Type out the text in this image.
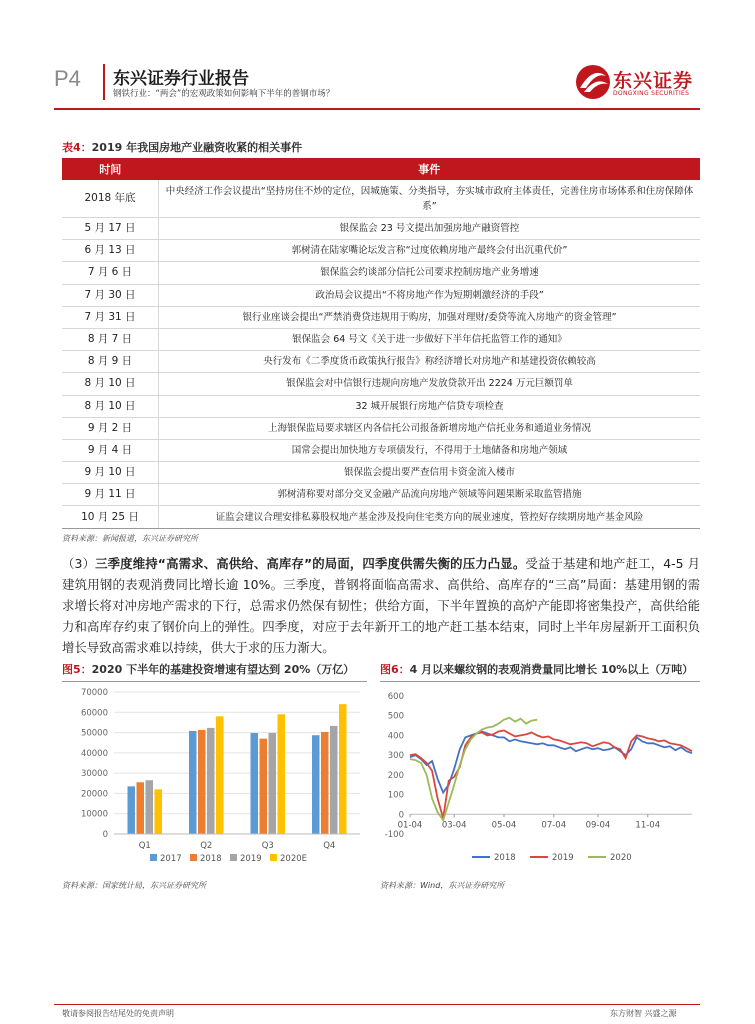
P4 东兴证券行业报告
钢铁行业：“两会”的宏观政策如何影响下半年的普钢市场？
东兴证券
DONGXING SECURITIES
表4：2019 年我国房地产业融资收紧的相关事件
时间	事件
2018 年底	中央经济工作会议提出“坚持房住不炒的定位，因城施策、分类指导，夯实城市政府主体责任，完善住房市场体系和住房保障体系”
5 月 17 日	银保监会 23 号文提出加强房地产融资管控
6 月 13 日	郭树清在陆家嘴论坛发言称“过度依赖房地产最终会付出沉重代价”
7 月 6 日	银保监会约谈部分信托公司要求控制房地产业务增速
7 月 30 日	政治局会议提出“不将房地产作为短期刺激经济的手段”
7 月 31 日	银行业座谈会提出“严禁消费贷违规用于购房，加强对理财/委贷等流入房地产的资金管理”
8 月 7 日	银保监会 64 号文《关于进一步做好下半年信托监管工作的通知》
8 月 9 日	央行发布《二季度货币政策执行报告》称经济增长对房地产和基建投资依赖较高
8 月 10 日	银保监会对中信银行违规向房地产发放贷款开出 2224 万元巨额罚单
8 月 10 日	32 城开展银行房地产信贷专项检查
9 月 2 日	上海银保监局要求辖区内各信托公司报备新增房地产信托业务和通道业务情况
9 月 4 日	国常会提出加快地方专项债发行，不得用于土地储备和房地产领域
9 月 10 日	银保监会提出要严查信用卡资金流入楼市
9 月 11 日	郭树清称要对部分交叉金融产品流向房地产领域等问题果断采取监管措施
10 月 25 日	证监会建议合理安排私募股权地产基金涉及投向住宅类方向的展业速度，管控好存续期房地产基金风险
资料来源：新闻报道，东兴证券研究所
（3）三季度维持“高需求、高供给、高库存”的局面，四季度供需失衡的压力凸显。受益于基建和地产赶工，4-5 月建筑用钢的表观消费同比增长逾 10%。三季度，普钢将面临高需求、高供给、高库存的“三高”局面：基建用钢的需求增长将对冲房地产需求的下行，总需求仍然保有韧性；供给方面，下半年置换的高炉产能即将密集投产，高供给能力和高库存约束了钢价向上的弹性。四季度，对应于去年新开工的地产赶工基本结束，同时上半年房屋新开工面积负增长导致高需求难以持续，供大于求的压力渐大。
图5：2020 下半年的基建投资增速有望达到 20%（万亿）
0
10000
20000
30000
40000
50000
60000
70000
Q1	Q2	Q3	Q4
2017 2018 2019 2020E
资料来源：国家统计局，东兴证券研究所
图6：4 月以来螺纹钢的表观消费量同比增长 10%以上（万吨）
-100
0
100
200
300
400
500
600
01-04 03-04	05-04	07-04 09-04	11-04
2018	2019	2020
资料来源：Wind，东兴证券研究所
敬请参阅报告结尾处的免责声明	东方财智 兴盛之源
